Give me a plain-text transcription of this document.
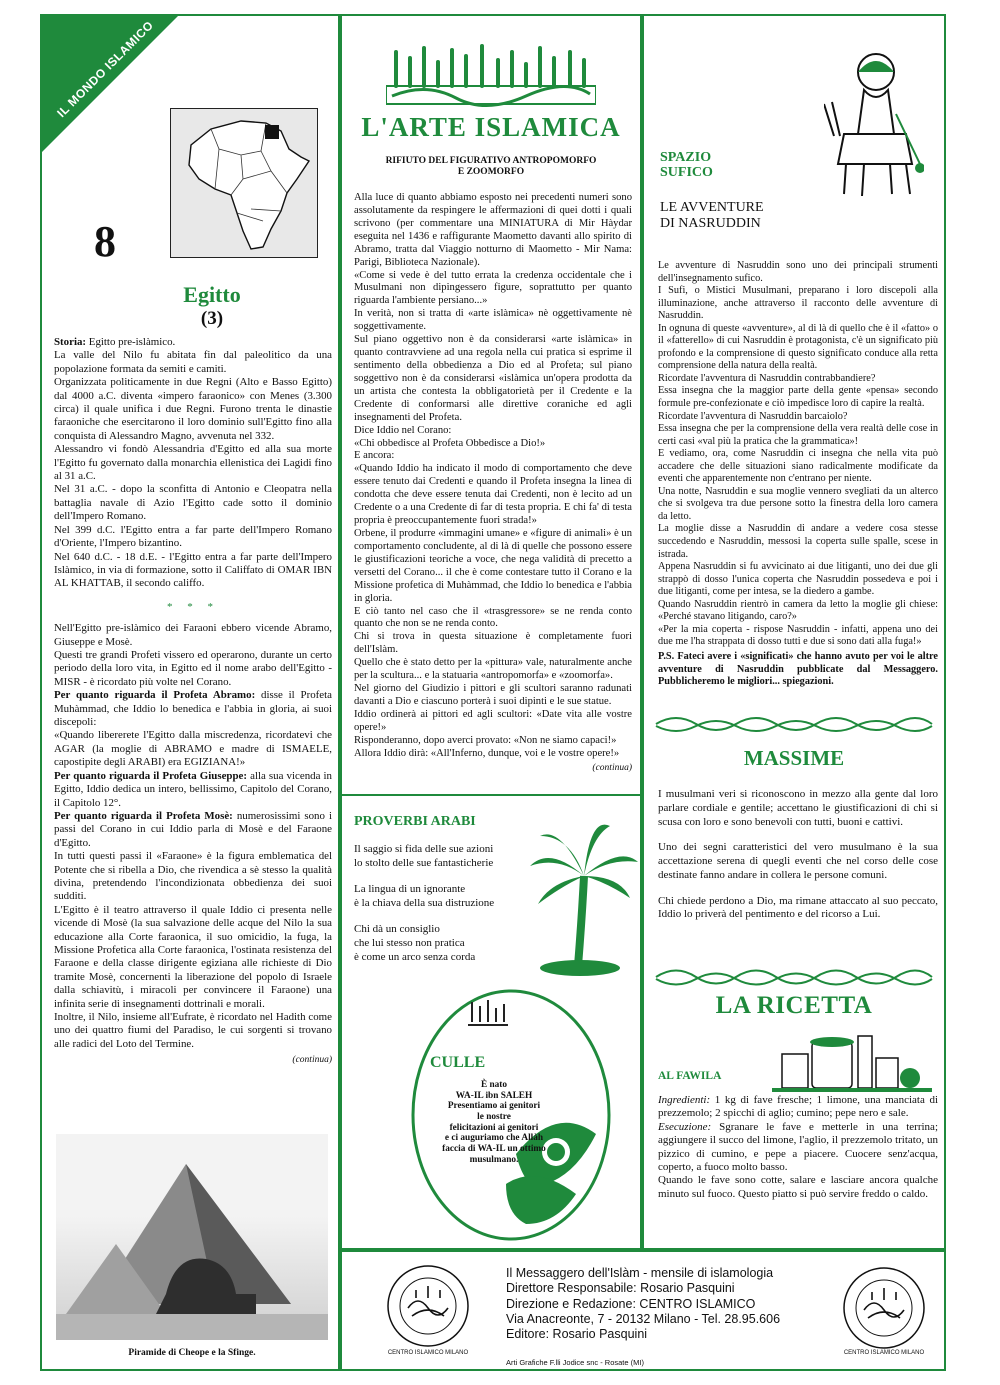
IL MONDO ISLAMICO
8
Egitto
(3)

Storia: Egitto pre-islàmico.

La valle del Nilo fu abitata fin dal paleolitico da una popolazione formata da semiti e camiti.

Organizzata politicamente in due Regni (Alto e Basso Egitto) dal 4000 a.C. diventa «impero faraonico» con Menes (3.300 circa) il quale unifica i due Regni. Furono trenta le dinastie faraoniche che esercitarono il loro dominio sull'Egitto fino alla conquista di Alessandro Magno, avvenuta nel 332.

Alessandro vi fondò Alessandria d'Egitto ed alla sua morte l'Egitto fu governato dalla monarchia ellenistica dei Lagidi fino al 31 a.C.

Nel 31 a.C. - dopo la sconfitta di Antonio e Cleopatra nella battaglia navale di Azio l'Egitto cade sotto il dominio dell'Impero Romano.

Nel 399 d.C. l'Egitto entra a far parte dell'Impero Romano d'Oriente, l'Impero bizantino.

Nel 640 d.C. - 18 d.E. - l'Egitto entra a far parte dell'Impero Islàmico, in via di formazione, sotto il Califfato di OMAR IBN AL KHATTAB, il secondo califfo.

* * *

Nell'Egitto pre-islàmico dei Faraoni ebbero vicende Abramo, Giuseppe e Mosè.

Questi tre grandi Profeti vissero ed operarono, durante un certo periodo della loro vita, in Egitto ed il nome arabo dell'Egitto - MISR - è ricordato più volte nel Corano.

Per quanto riguarda il Profeta Abramo: disse il Profeta Muhàmmad, che Iddio lo benedica e l'abbia in gloria, ai suoi discepoli:

«Quando libererete l'Egitto dalla miscredenza, ricordatevi che AGAR (la moglie di ABRAMO e madre di ISMAELE, capostipite degli ARABI) era EGIZIANA!»

Per quanto riguarda il Profeta Giuseppe: alla sua vicenda in Egitto, Iddio dedica un intero, bellissimo, Capitolo del Corano, il Capitolo 12°.

Per quanto riguarda il Profeta Mosè: numerosissimi sono i passi del Corano in cui Iddio parla di Mosè e del Faraone d'Egitto.

In tutti questi passi il «Faraone» è la figura emblematica del Potente che si ribella a Dio, che rivendica a sè stesso la qualità divina, pretendendo l'incondizionata obbedienza dei suoi sudditi.

L'Egitto è il teatro attraverso il quale Iddio ci presenta nelle vicende di Mosè (la sua salvazione delle acque del Nilo la sua educazione alla Corte faraonica, il suo omicidio, la fuga, la Missione Profetica alla Corte faraonica, l'ostinata resistenza del Faraone e della classe dirigente egiziana alle richieste di Dio tramite Mosè, concernenti la liberazione del popolo di Israele dalla schiavitù, i miracoli per convincere il Faraone) una infinita serie di insegnamenti dottrinali e morali.

Inoltre, il Nilo, insieme all'Eufrate, è ricordato nel Hadith come uno dei quattro fiumi del Paradiso, le cui sorgenti si trovano alle radici del Loto del Termine.

(continua)
Piramide di Cheope e la Sfinge.
L'ARTE ISLAMICA
RIFIUTO DEL FIGURATIVO ANTROPOMORFO
E ZOOMORFO

Alla luce di quanto abbiamo esposto nei precedenti numeri sono assolutamente da respingere le affermazioni di quei dotti i quali scrivono (per commentare una MINIATURA di Mir Hàydar eseguita nel 1436 e raffigurante Maometto davanti allo spirito di Abramo, tratta dal Viaggio notturno di Maometto - Mir Nama: Parigi, Biblioteca Nazionale).

«Come si vede è del tutto errata la credenza occidentale che i Musulmani non dipingessero figure, soprattutto per quanto riguarda l'ambiente persiano...»

In verità, non si tratta di «arte islàmica» nè oggettivamente nè soggettivamente.

Sul piano oggettivo non è da considerarsi «arte islàmica» in quanto contravviene ad una regola nella cui pratica si esprime il sentimento della obbedienza a Dio ed al Profeta; sul piano soggettivo non è da considerarsi «islàmica un'opera prodotta da un artista che contesta la obbligatorietà per il Credente e la Credente di conformarsi alle direttive coraniche ed agli insegnamenti del Profeta.

Dice Iddio nel Corano:

«Chi obbedisce al Profeta Obbedisce a Dio!»

E ancora:

«Quando Iddio ha indicato il modo di comportamento che deve essere tenuto dai Credenti e quando il Profeta insegna la linea di condotta che deve essere tenuta dai Credenti, non è lecito ad un Credente o a una Credente di far di testa propria. E chi fa' di testa propria è preoccupantemente fuori strada!»

Orbene, il produrre «immagini umane» e «figure di animali» è un comportamento concludente, al di là di quelle che possono essere le giustificazioni teoriche a voce, che nega validità di precetto a versetti del Corano... il che è come contestare tutto il Corano e la Missione profetica di Muhàmmad, che Iddio lo benedica e l'abbia in gloria.

E ciò tanto nel caso che il «trasgressore» se ne renda conto quanto che non se ne renda conto.

Chi si trova in questa situazione è completamente fuori dell'Islàm.

Quello che è stato detto per la «pittura» vale, naturalmente anche per la scultura... e la statuaria «antropomorfa» e «zoomorfa».

Nel giorno del Giudizio i pittori e gli scultori saranno radunati davanti a Dio e ciascuno porterà i suoi dipinti e le sue statue.

Iddio ordinerà ai pittori ed agli scultori: «Date vita alle vostre opere!»

Risponderanno, dopo averci provato: «Non ne siamo capaci!»

Allora Iddio dirà: «All'Inferno, dunque, voi e le vostre opere!»

(continua)
PROVERBI ARABI
Il saggio si fida delle sue azioni
lo stolto delle sue fantasticherie
La lingua di un ignorante
è la chiava della sua distruzione
Chi dà un consiglio
che lui stesso non pratica
è come un arco senza corda
CULLE
È nato
WA-IL ibn SALEH
Presentiamo ai genitori
le nostre
felicitazioni ai genitori
e ci auguriamo che Allàh
faccia di WA-IL un ottimo
musulmano.
SPAZIO
SUFICO
LE AVVENTURE
DI NASRUDDIN

Le avventure di Nasruddin sono uno dei principali strumenti dell'insegnamento sufico.

I Sufi, o Mistici Musulmani, preparano i loro discepoli alla illuminazione, anche attraverso il racconto delle avventure di Nasruddin.

In ognuna di queste «avventure», al di là di quello che è il «fatto» o il «fatterello» di cui Nasruddin è protagonista, c'è un significato più profondo e la comprensione di questo significato conduce alla retta comprensione della natura della realtà.

Ricordate l'avventura di Nasruddin contrabbandiere?

Essa insegna che la maggior parte della gente «pensa» secondo formule pre-confezionate e ciò impedisce loro di capire la realtà.

Ricordate l'avventura di Nasruddin barcaiolo?

Essa insegna che per la comprensione della vera realtà delle cose in certi casi «val più la pratica che la grammatica»!

E vediamo, ora, come Nasruddin ci insegna che nella vita può accadere che delle situazioni siano radicalmente modificate da eventi che apparentemente non c'entrano per niente.

Una notte, Nasruddin e sua moglie vennero svegliati da un alterco che si svolgeva tra due persone sotto la finestra della loro camera da letto.

La moglie disse a Nasruddin di andare a vedere cosa stesse succedendo e Nasruddin, messosi la coperta sulle spalle, scese in istrada.

Appena Nasruddin si fu avvicinato ai due litiganti, uno dei due gli strappò di dosso l'unica coperta che Nasruddin possedeva e poi i due litiganti, come per intesa, se la diedero a gambe.

Quando Nasruddin rientrò in camera da letto la moglie gli chiese: «Perché stavano litigando, caro?»

«Per la mia coperta - rispose Nasruddin - infatti, appena uno dei due me l'ha strappata di dosso tutti e due si sono dati alla fuga!»

P.S. Fateci avere i «significati» che hanno avuto per voi le altre avventure di Nasruddin pubblicate dal Messaggero. Pubblicheremo le migliori... spiegazioni.

MASSIME

I musulmani veri si riconoscono in mezzo alla gente dal loro parlare cordiale e gentile; accettano le giustificazioni di chi si scusa con loro e sono benevoli con tutti, buoni e cattivi.

Uno dei segni caratteristici del vero musulmano è la sua accettazione serena di quegli eventi che nel corso delle cose destinate fanno andare in collera le persone comuni.

Chi chiede perdono a Dio, ma rimane attaccato al suo peccato, Iddio lo priverà del pentimento e del ricorso a Lui.

LA RICETTA
AL FAWILA

Ingredienti: 1 kg di fave fresche; 1 limone, una manciata di prezzemolo; 2 spicchi di aglio; cumino; pepe nero e sale.

Esecuzione: Sgranare le fave e metterle in una terrina; aggiungere il succo del limone, l'aglio, il prezzemolo tritato, un pizzico di cumino, e pepe a piacere. Cuocere senz'acqua, coperto, a fuoco molto basso.

Quando le fave sono cotte, salare e lasciare ancora qualche minuto sul fuoco. Questo piatto si può servire freddo o caldo.

Il Messaggero dell'Islàm - mensile di islamologia
Direttore Responsabile: Rosario Pasquini
Direzione e Redazione: CENTRO ISLAMICO
Via Anacreonte, 7 - 20132 Milano - Tel. 28.95.606
Editore: Rosario Pasquini
CENTRO ISLAMICO MILANO	CENTRO ISLAMICO MILANO
Arti Grafiche F.lli Jodice snc - Rosate (MI)
